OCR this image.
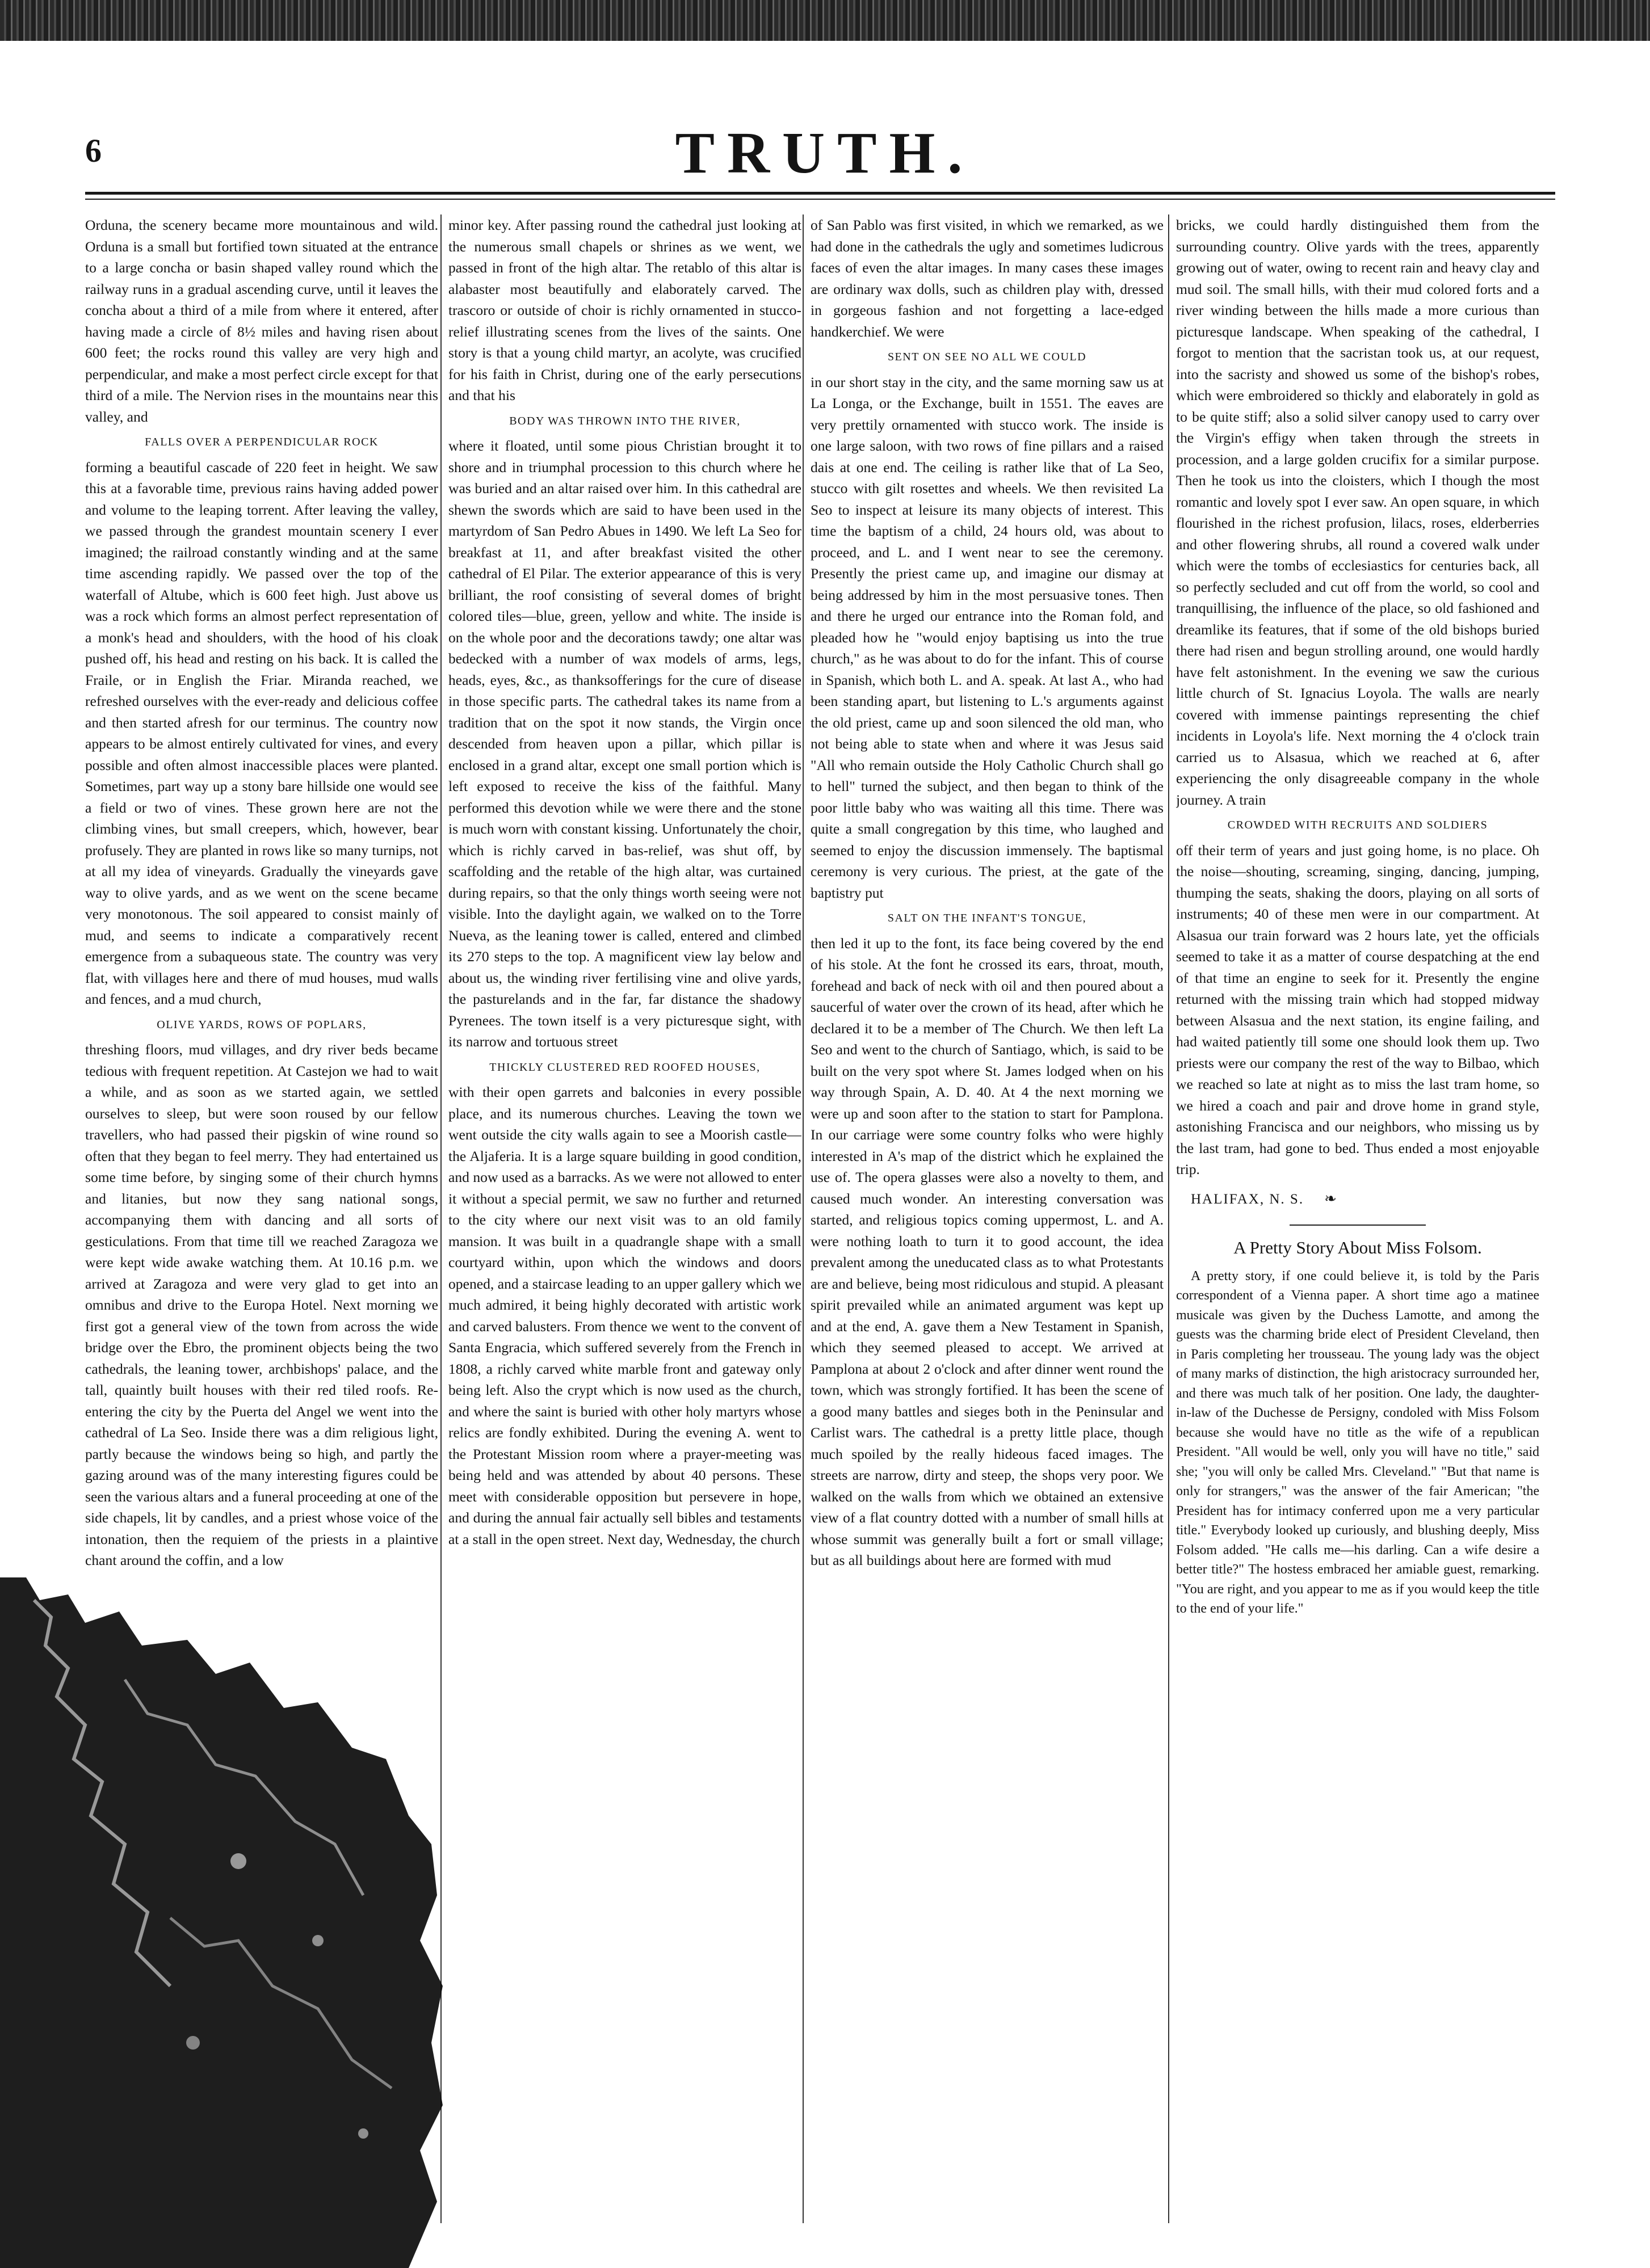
6	TRUTH.

Orduna, the scenery became more mountainous and wild. Orduna is a small but fortified town situated at the entrance to a large concha or basin shaped valley round which the railway runs in a gradual ascending curve, until it leaves the concha about a third of a mile from where it entered, after having made a circle of 8½ miles and having risen about 600 feet; the rocks round this valley are very high and perpendicular, and make a most perfect circle except for that third of a mile. The Nervion rises in the mountains near this valley, and

FALLS OVER A PERPENDICULAR ROCK

forming a beautiful cascade of 220 feet in height. We saw this at a favorable time, previous rains having added power and volume to the leaping torrent. After leaving the valley, we passed through the grandest mountain scenery I ever imagined; the railroad constantly winding and at the same time ascending rapidly. We passed over the top of the waterfall of Altube, which is 600 feet high. Just above us was a rock which forms an almost perfect representation of a monk's head and shoulders, with the hood of his cloak pushed off, his head and resting on his back. It is called the Fraile, or in English the Friar. Miranda reached, we refreshed ourselves with the ever-ready and delicious coffee and then started afresh for our terminus. The country now appears to be almost entirely cultivated for vines, and every possible and often almost inaccessible places were planted. Sometimes, part way up a stony bare hillside one would see a field or two of vines. These grown here are not the climbing vines, but small creepers, which, however, bear profusely. They are planted in rows like so many turnips, not at all my idea of vineyards. Gradually the vineyards gave way to olive yards, and as we went on the scene became very monotonous. The soil appeared to consist mainly of mud, and seems to indicate a comparatively recent emergence from a subaqueous state. The country was very flat, with villages here and there of mud houses, mud walls and fences, and a mud church,

OLIVE YARDS, ROWS OF POPLARS,

threshing floors, mud villages, and dry river beds became tedious with frequent repetition. At Castejon we had to wait a while, and as soon as we started again, we settled ourselves to sleep, but were soon roused by our fellow travellers, who had passed their pigskin of wine round so often that they began to feel merry. They had entertained us some time before, by singing some of their church hymns and litanies, but now they sang national songs, accompanying them with dancing and all sorts of gesticulations. From that time till we reached Zaragoza we were kept wide awake watching them. At 10.16 p.m. we arrived at Zaragoza and were very glad to get into an omnibus and drive to the Europa Hotel. Next morning we first got a general view of the town from across the wide bridge over the Ebro, the prominent objects being the two cathedrals, the leaning tower, archbishops' palace, and the tall, quaintly built houses with their red tiled roofs. Re-entering the city by the Puerta del Angel we went into the cathedral of La Seo. Inside there was a dim religious light, partly because the windows being so high, and partly the gazing around was of the many interesting figures could be seen the various altars and a funeral proceeding at one of the side chapels, lit by candles, and a priest whose voice of the intonation, then the requiem of the priests in a plaintive chant around the coffin, and a low

minor key. After passing round the cathedral just looking at the numerous small chapels or shrines as we went, we passed in front of the high altar. The retablo of this altar is alabaster most beautifully and elaborately carved. The trascoro or outside of choir is richly ornamented in stucco-relief illustrating scenes from the lives of the saints. One story is that a young child martyr, an acolyte, was crucified for his faith in Christ, during one of the early persecutions and that his

BODY WAS THROWN INTO THE RIVER,

where it floated, until some pious Christian brought it to shore and in triumphal procession to this church where he was buried and an altar raised over him. In this cathedral are shewn the swords which are said to have been used in the martyrdom of San Pedro Abues in 1490. We left La Seo for breakfast at 11, and after breakfast visited the other cathedral of El Pilar. The exterior appearance of this is very brilliant, the roof consisting of several domes of bright colored tiles—blue, green, yellow and white. The inside is on the whole poor and the decorations tawdy; one altar was bedecked with a number of wax models of arms, legs, heads, eyes, &c., as thanksofferings for the cure of disease in those specific parts. The cathedral takes its name from a tradition that on the spot it now stands, the Virgin once descended from heaven upon a pillar, which pillar is enclosed in a grand altar, except one small portion which is left exposed to receive the kiss of the faithful. Many performed this devotion while we were there and the stone is much worn with constant kissing. Unfortunately the choir, which is richly carved in bas-relief, was shut off, by scaffolding and the retable of the high altar, was curtained during repairs, so that the only things worth seeing were not visible. Into the daylight again, we walked on to the Torre Nueva, as the leaning tower is called, entered and climbed its 270 steps to the top. A magnificent view lay below and about us, the winding river fertilising vine and olive yards, the pasturelands and in the far, far distance the shadowy Pyrenees. The town itself is a very picturesque sight, with its narrow and tortuous street

THICKLY CLUSTERED RED ROOFED HOUSES,

with their open garrets and balconies in every possible place, and its numerous churches. Leaving the town we went outside the city walls again to see a Moorish castle—the Aljaferia. It is a large square building in good condition, and now used as a barracks. As we were not allowed to enter it without a special permit, we saw no further and returned to the city where our next visit was to an old family mansion. It was built in a quadrangle shape with a small courtyard within, upon which the windows and doors opened, and a staircase leading to an upper gallery which we much admired, it being highly decorated with artistic work and carved balusters. From thence we went to the convent of Santa Engracia, which suffered severely from the French in 1808, a richly carved white marble front and gateway only being left. Also the crypt which is now used as the church, and where the saint is buried with other holy martyrs whose relics are fondly exhibited. During the evening A. went to the Protestant Mission room where a prayer-meeting was being held and was attended by about 40 persons. These meet with considerable opposition but persevere in hope, and during the annual fair actually sell bibles and testaments at a stall in the open street. Next day, Wednesday, the church

of San Pablo was first visited, in which we remarked, as we had done in the cathedrals the ugly and sometimes ludicrous faces of even the altar images. In many cases these images are ordinary wax dolls, such as children play with, dressed in gorgeous fashion and not forgetting a lace-edged handkerchief. We were

SENT ON SEE NO ALL WE COULD

in our short stay in the city, and the same morning saw us at La Longa, or the Exchange, built in 1551. The eaves are very prettily ornamented with stucco work. The inside is one large saloon, with two rows of fine pillars and a raised dais at one end. The ceiling is rather like that of La Seo, stucco with gilt rosettes and wheels. We then revisited La Seo to inspect at leisure its many objects of interest. This time the baptism of a child, 24 hours old, was about to proceed, and L. and I went near to see the ceremony. Presently the priest came up, and imagine our dismay at being addressed by him in the most persuasive tones. Then and there he urged our entrance into the Roman fold, and pleaded how he "would enjoy baptising us into the true church," as he was about to do for the infant. This of course in Spanish, which both L. and A. speak. At last A., who had been standing apart, but listening to L.'s arguments against the old priest, came up and soon silenced the old man, who not being able to state when and where it was Jesus said "All who remain outside the Holy Catholic Church shall go to hell" turned the subject, and then began to think of the poor little baby who was waiting all this time. There was quite a small congregation by this time, who laughed and seemed to enjoy the discussion immensely. The baptismal ceremony is very curious. The priest, at the gate of the baptistry put

SALT ON THE INFANT'S TONGUE,

then led it up to the font, its face being covered by the end of his stole. At the font he crossed its ears, throat, mouth, forehead and back of neck with oil and then poured about a saucerful of water over the crown of its head, after which he declared it to be a member of The Church. We then left La Seo and went to the church of Santiago, which, is said to be built on the very spot where St. James lodged when on his way through Spain, A. D. 40. At 4 the next morning we were up and soon after to the station to start for Pamplona. In our carriage were some country folks who were highly interested in A's map of the district which he explained the use of. The opera glasses were also a novelty to them, and caused much wonder. An interesting conversation was started, and religious topics coming uppermost, L. and A. were nothing loath to turn it to good account, the idea prevalent among the uneducated class as to what Protestants are and believe, being most ridiculous and stupid. A pleasant spirit prevailed while an animated argument was kept up and at the end, A. gave them a New Testament in Spanish, which they seemed pleased to accept. We arrived at Pamplona at about 2 o'clock and after dinner went round the town, which was strongly fortified. It has been the scene of a good many battles and sieges both in the Peninsular and Carlist wars. The cathedral is a pretty little place, though much spoiled by the really hideous faced images. The streets are narrow, dirty and steep, the shops very poor. We walked on the walls from which we obtained an extensive view of a flat country dotted with a number of small hills at whose summit was generally built a fort or small village; but as all buildings about here are formed with mud

bricks, we could hardly distinguished them from the surrounding country. Olive yards with the trees, apparently growing out of water, owing to recent rain and heavy clay and mud soil. The small hills, with their mud colored forts and a river winding between the hills made a more curious than picturesque landscape. When speaking of the cathedral, I forgot to mention that the sacristan took us, at our request, into the sacristy and showed us some of the bishop's robes, which were embroidered so thickly and elaborately in gold as to be quite stiff; also a solid silver canopy used to carry over the Virgin's effigy when taken through the streets in procession, and a large golden crucifix for a similar purpose. Then he took us into the cloisters, which I though the most romantic and lovely spot I ever saw. An open square, in which flourished in the richest profusion, lilacs, roses, elderberries and other flowering shrubs, all round a covered walk under which were the tombs of ecclesiastics for centuries back, all so perfectly secluded and cut off from the world, so cool and tranquillising, the influence of the place, so old fashioned and dreamlike its features, that if some of the old bishops buried there had risen and begun strolling around, one would hardly have felt astonishment. In the evening we saw the curious little church of St. Ignacius Loyola. The walls are nearly covered with immense paintings representing the chief incidents in Loyola's life. Next morning the 4 o'clock train carried us to Alsasua, which we reached at 6, after experiencing the only disagreeable company in the whole journey. A train

CROWDED WITH RECRUITS AND SOLDIERS

off their term of years and just going home, is no place. Oh the noise—shouting, screaming, singing, dancing, jumping, thumping the seats, shaking the doors, playing on all sorts of instruments; 40 of these men were in our compartment. At Alsasua our train forward was 2 hours late, yet the officials seemed to take it as a matter of course despatching at the end of that time an engine to seek for it. Presently the engine returned with the missing train which had stopped midway between Alsasua and the next station, its engine failing, and had waited patiently till some one should look them up. Two priests were our company the rest of the way to Bilbao, which we reached so late at night as to miss the last tram home, so we hired a coach and pair and drove home in grand style, astonishing Francisca and our neighbors, who missing us by the last tram, had gone to bed. Thus ended a most enjoyable trip.

HALIFAX, N. S. ❧
A Pretty Story About Miss Folsom.

A pretty story, if one could believe it, is told by the Paris correspondent of a Vienna paper. A short time ago a matinee musicale was given by the Duchess Lamotte, and among the guests was the charming bride elect of President Cleveland, then in Paris completing her trousseau. The young lady was the object of many marks of distinction, the high aristocracy surrounded her, and there was much talk of her position. One lady, the daughter-in-law of the Duchesse de Persigny, condoled with Miss Folsom because she would have no title as the wife of a republican President. "All would be well, only you will have no title," said she; "you will only be called Mrs. Cleveland." "But that name is only for strangers," was the answer of the fair American; "the President has for intimacy conferred upon me a very particular title." Everybody looked up curiously, and blushing deeply, Miss Folsom added. "He calls me—his darling. Can a wife desire a better title?" The hostess embraced her amiable guest, remarking. "You are right, and you appear to me as if you would keep the title to the end of your life."
